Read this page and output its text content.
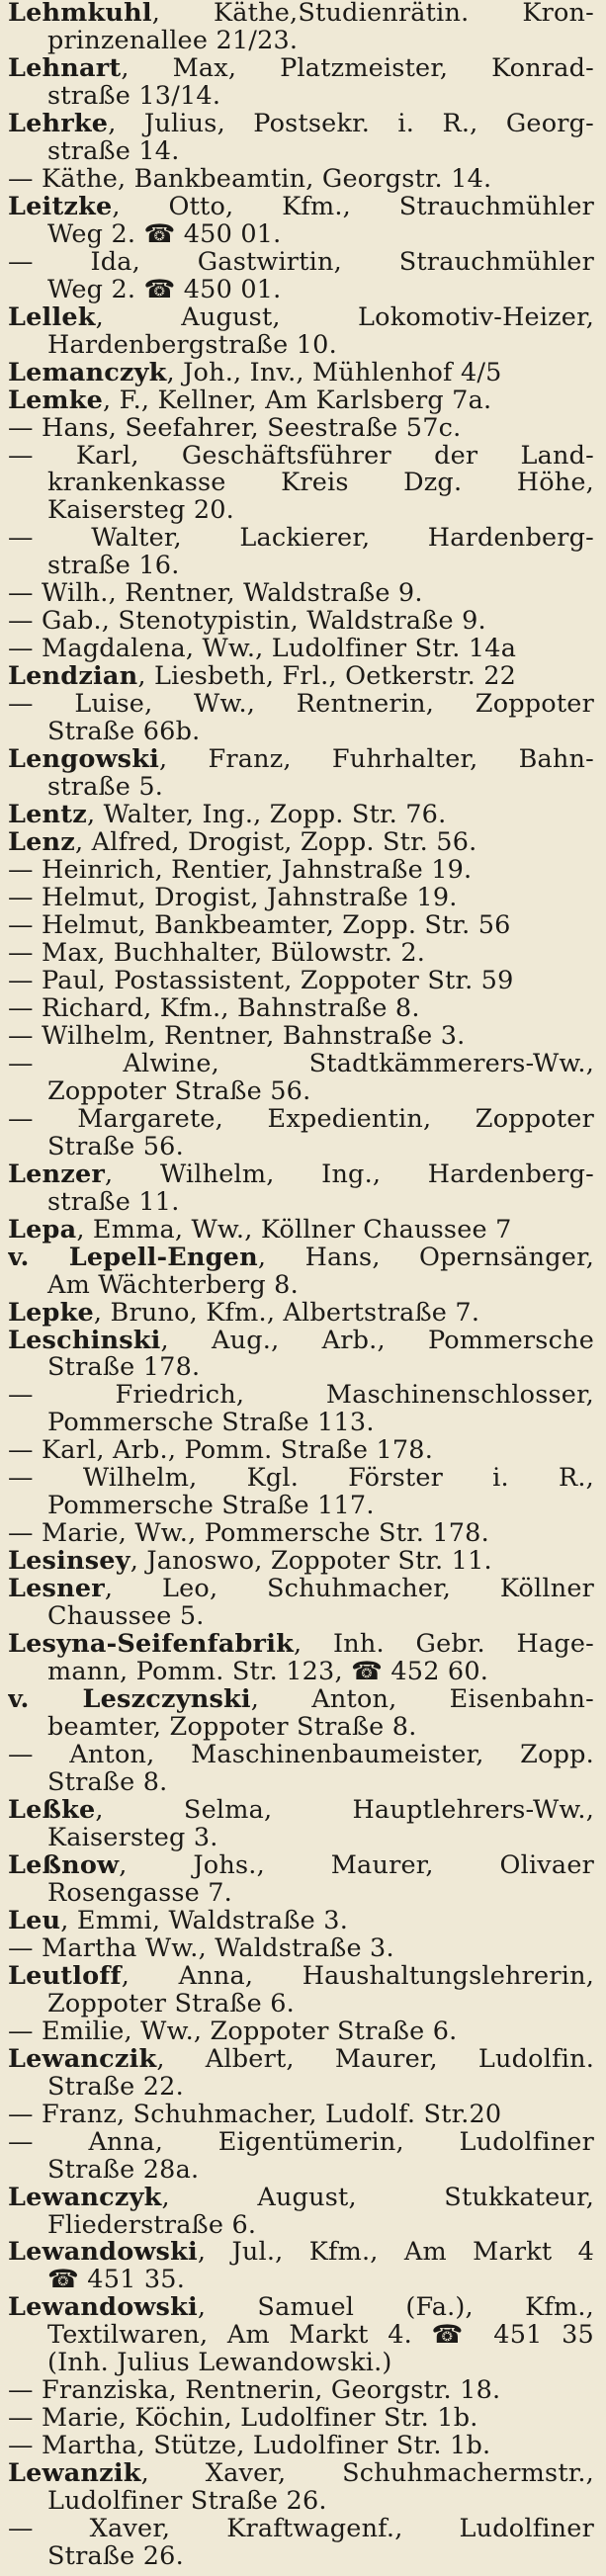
Lehmkuhl, Käthe,Studienrätin. Kron-
prinzenallee 21/23.
Lehnart, Max, Platzmeister, Konrad-
straße 13/14.
Lehrke, Julius, Postsekr. i. R., Georg-
straße 14.
— Käthe, Bankbeamtin, Georgstr. 14.
Leitzke, Otto, Kfm., Strauchmühler
Weg 2. ☎ 450 01.
— Ida, Gastwirtin, Strauchmühler
Weg 2. ☎ 450 01.
Lellek, August, Lokomotiv-Heizer,
Hardenbergstraße 10.
Lemanczyk, Joh., Inv., Mühlenhof 4/5
Lemke, F., Kellner, Am Karlsberg 7a.
— Hans, Seefahrer, Seestraße 57c.
— Karl, Geschäftsführer der Land-
krankenkasse Kreis Dzg. Höhe,
Kaisersteg 20.
— Walter, Lackierer, Hardenberg-
straße 16.
— Wilh., Rentner, Waldstraße 9.
— Gab., Stenotypistin, Waldstraße 9.
— Magdalena, Ww., Ludolfiner Str. 14a
Lendzian, Liesbeth, Frl., Oetkerstr. 22
— Luise, Ww., Rentnerin, Zoppoter
Straße 66b.
Lengowski, Franz, Fuhrhalter, Bahn-
straße 5.
Lentz, Walter, Ing., Zopp. Str. 76.
Lenz, Alfred, Drogist, Zopp. Str. 56.
— Heinrich, Rentier, Jahnstraße 19.
— Helmut, Drogist, Jahnstraße 19.
— Helmut, Bankbeamter, Zopp. Str. 56
— Max, Buchhalter, Bülowstr. 2.
— Paul, Postassistent, Zoppoter Str. 59
— Richard, Kfm., Bahnstraße 8.
— Wilhelm, Rentner, Bahnstraße 3.
— Alwine, Stadtkämmerers-Ww.,
Zoppoter Straße 56.
— Margarete, Expedientin, Zoppoter
Straße 56.
Lenzer, Wilhelm, Ing., Hardenberg-
straße 11.
Lepa, Emma, Ww., Köllner Chaussee 7
v. Lepell-Engen, Hans, Opernsänger,
Am Wächterberg 8.
Lepke, Bruno, Kfm., Albertstraße 7.
Leschinski, Aug., Arb., Pommersche
Straße 178.
— Friedrich, Maschinenschlosser,
Pommersche Straße 113.
— Karl, Arb., Pomm. Straße 178.
— Wilhelm, Kgl. Förster i. R.,
Pommersche Straße 117.
— Marie, Ww., Pommersche Str. 178.
Lesinsey, Janoswo, Zoppoter Str. 11.
Lesner, Leo, Schuhmacher, Köllner
Chaussee 5.
Lesyna-Seifenfabrik, Inh. Gebr. Hage-
mann, Pomm. Str. 123, ☎ 452 60.
v. Leszczynski, Anton, Eisenbahn-
beamter, Zoppoter Straße 8.
— Anton, Maschinenbaumeister, Zopp.
Straße 8.
Leßke, Selma, Hauptlehrers-Ww.,
Kaisersteg 3.
Leßnow, Johs., Maurer, Olivaer
Rosengasse 7.
Leu, Emmi, Waldstraße 3.
— Martha Ww., Waldstraße 3.
Leutloff, Anna, Haushaltungslehrerin,
Zoppoter Straße 6.
— Emilie, Ww., Zoppoter Straße 6.
Lewanczik, Albert, Maurer, Ludolfin.
Straße 22.
— Franz, Schuhmacher, Ludolf. Str.20
— Anna, Eigentümerin, Ludolfiner
Straße 28a.
Lewanczyk, August, Stukkateur,
Fliederstraße 6.
Lewandowski, Jul., Kfm., Am Markt 4
☎ 451 35.
Lewandowski, Samuel (Fa.), Kfm.,
Textilwaren, Am Markt 4. ☎ 451 35
(Inh. Julius Lewandowski.)
— Franziska, Rentnerin, Georgstr. 18.
— Marie, Köchin, Ludolfiner Str. 1b.
— Martha, Stütze, Ludolfiner Str. 1b.
Lewanzik, Xaver, Schuhmachermstr.,
Ludolfiner Straße 26.
— Xaver, Kraftwagenf., Ludolfiner
Straße 26.
